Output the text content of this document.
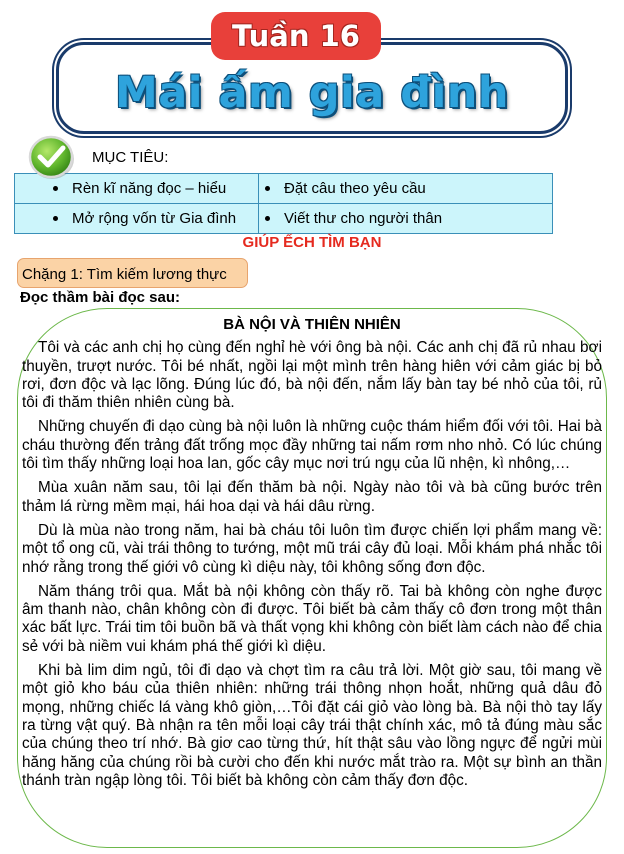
Tuần 16
Mái ấm gia đình
MỤC TIÊU:
Rèn kĩ năng đọc – hiểu	Đặt câu theo yêu cầu
Mở rộng vốn từ Gia đình	Viết thư cho người thân
GIÚP ẾCH TÌM BẠN
Chặng 1: Tìm kiếm lương thực
Đọc thầm bài đọc sau:
BÀ NỘI VÀ THIÊN NHIÊN

Tôi và các anh chị họ cùng đến nghỉ hè với ông bà nội. Các anh chị đã rủ nhau bơi thuyền, trượt nước. Tôi bé nhất, ngồi lại một mình trên hàng hiên với cảm giác bị bỏ rơi, đơn độc và lạc lõng. Đúng lúc đó, bà nội đến, nắm lấy bàn tay bé nhỏ của tôi, rủ tôi đi thăm thiên nhiên cùng bà.

Những chuyến đi dạo cùng bà nội luôn là những cuộc thám hiểm đối với tôi. Hai bà cháu thường đến trảng đất trống mọc đầy những tai nấm rơm nho nhỏ. Có lúc chúng tôi tìm thấy những loại hoa lan, gốc cây mục nơi trú ngụ của lũ nhện, kì nhông,…

Mùa xuân năm sau, tôi lại đến thăm bà nội. Ngày nào tôi và bà cũng bước trên thảm lá rừng mềm mại, hái hoa dại và hái dâu rừng.

Dù là mùa nào trong năm, hai bà cháu tôi luôn tìm được chiến lợi phẩm mang về: một tổ ong cũ, vài trái thông to tướng, một mũ trái cây đủ loại. Mỗi khám phá nhắc tôi nhớ rằng trong thế giới vô cùng kì diệu này, tôi không sống đơn độc.

Năm tháng trôi qua. Mắt bà nội không còn thấy rõ. Tai bà không còn nghe được âm thanh nào, chân không còn đi được. Tôi biết bà cảm thấy cô đơn trong một thân xác bất lực. Trái tim tôi buồn bã và thất vọng khi không còn biết làm cách nào để chia sẻ với bà niềm vui khám phá thế giới kì diệu.

Khi bà lim dim ngủ, tôi đi dạo và chợt tìm ra câu trả lời. Một giờ sau, tôi mang về một giỏ kho báu của thiên nhiên: những trái thông nhọn hoắt, những quả dâu đỏ mọng, những chiếc lá vàng khô giòn,…Tôi đặt cái giỏ vào lòng bà. Bà nội thò tay lấy ra từng vật quý. Bà nhận ra tên mỗi loại cây trái thật chính xác, mô tả đúng màu sắc của chúng theo trí nhớ. Bà giơ cao từng thứ, hít thật sâu vào lồng ngực để ngửi mùi hăng hăng của chúng rồi bà cười cho đến khi nước mắt trào ra. Một sự bình an thần thánh tràn ngập lòng tôi. Tôi biết bà không còn cảm thấy đơn độc.
